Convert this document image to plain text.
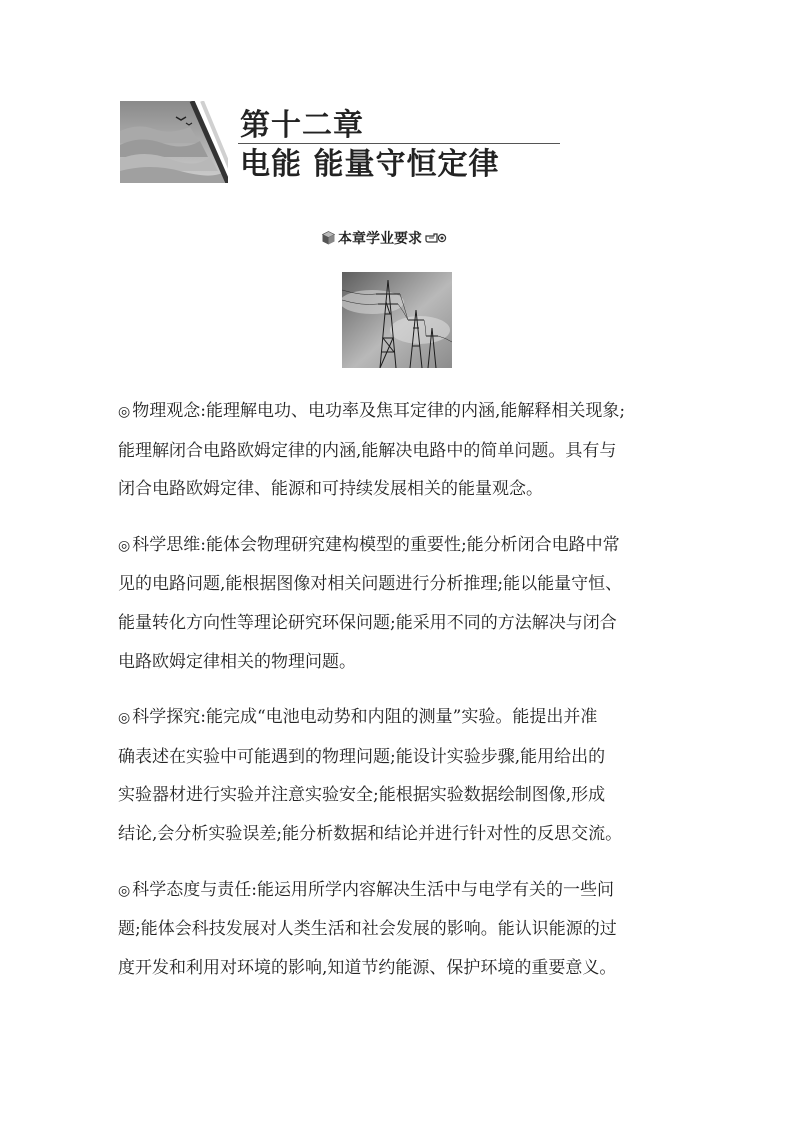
第十二章
电能 能量守恒定律
本章学业要求

◎ 物理观念:能理解电功、电功率及焦耳定律的内涵,能解释相关现象;

能理解闭合电路欧姆定律的内涵,能解决电路中的简单问题。具有与

闭合电路欧姆定律、能源和可持续发展相关的能量观念。

◎ 科学思维:能体会物理研究建构模型的重要性;能分析闭合电路中常

见的电路问题,能根据图像对相关问题进行分析推理;能以能量守恒、

能量转化方向性等理论研究环保问题;能采用不同的方法解决与闭合

电路欧姆定律相关的物理问题。

◎ 科学探究:能完成“电池电动势和内阻的测量”实验。能提出并准

确表述在实验中可能遇到的物理问题;能设计实验步骤,能用给出的

实验器材进行实验并注意实验安全;能根据实验数据绘制图像,形成

结论,会分析实验误差;能分析数据和结论并进行针对性的反思交流。

◎ 科学态度与责任:能运用所学内容解决生活中与电学有关的一些问

题;能体会科技发展对人类生活和社会发展的影响。能认识能源的过

度开发和利用对环境的影响,知道节约能源、保护环境的重要意义。
